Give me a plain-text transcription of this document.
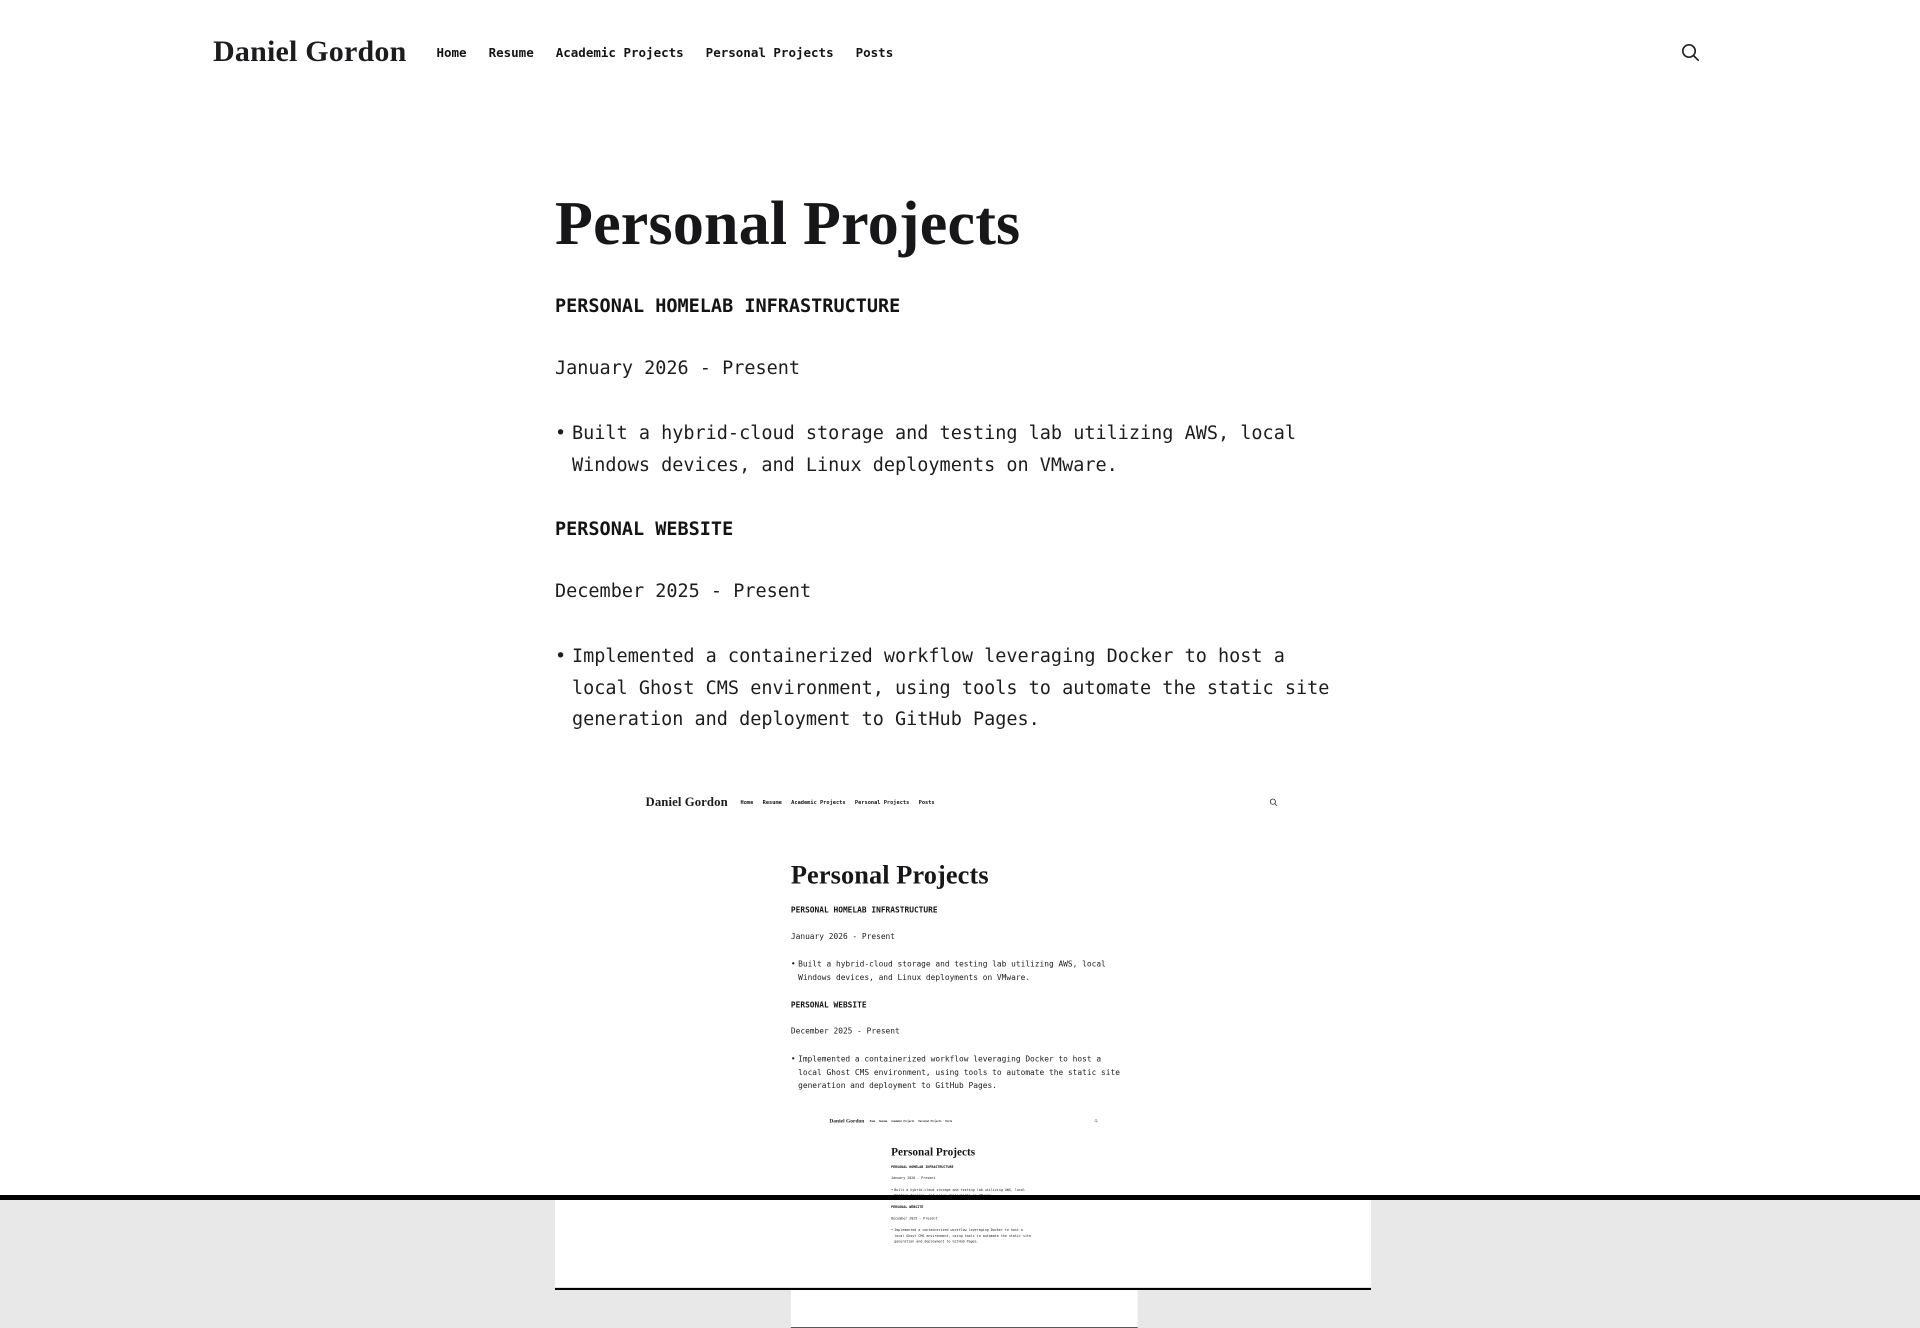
Daniel Gordon Home Resume Academic Projects Personal Projects Posts
Personal Projects
PERSONAL HOMELAB INFRASTRUCTURE

January 2026 - Present

•
Built a hybrid-cloud storage and testing lab utilizing AWS, local
Windows devices, and Linux deployments on VMware.
PERSONAL WEBSITE

December 2025 - Present

•
Implemented a containerized workflow leveraging Docker to host a
local Ghost CMS environment, using tools to automate the static site
generation and deployment to GitHub Pages.
Daniel Gordon Home Resume Academic Projects Personal Projects Posts
Personal Projects
PERSONAL HOMELAB INFRASTRUCTURE

January 2026 - Present

•
Built a hybrid-cloud storage and testing lab utilizing AWS, local
Windows devices, and Linux deployments on VMware.
PERSONAL WEBSITE

December 2025 - Present

•
Implemented a containerized workflow leveraging Docker to host a
local Ghost CMS environment, using tools to automate the static site
generation and deployment to GitHub Pages.
Daniel Gordon Home Resume Academic Projects Personal Projects Posts
Personal Projects
PERSONAL HOMELAB INFRASTRUCTURE

January 2026 - Present

•
Built a hybrid-cloud storage and testing lab utilizing AWS, local
PERSONAL WEBSITE

December 2025 - Present

•
Implemented a containerized workflow leveraging Docker to host a
local Ghost CMS environment, using tools to automate the static site
generation and deployment to GitHub Pages.
